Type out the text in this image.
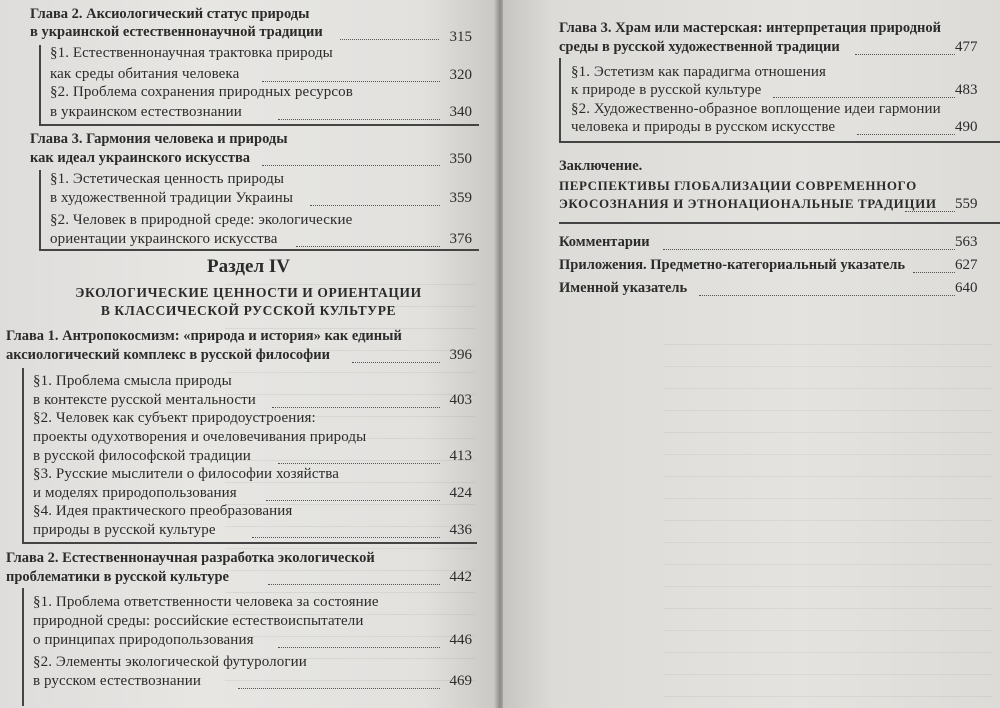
Глава 2. Аксиологический статус природы
в украинской естественнонаучной традиции	315
§1. Естественнонаучная трактовка природы
как среды обитания человека	320
§2. Проблема сохранения природных ресурсов
в украинском естествознании	340
Глава 3. Гармония человека и природы
как идеал украинского искусства	350
§1. Эстетическая ценность природы
в художественной традиции Украины	359
§2. Человек в природной среде: экологические
ориентации украинского искусства	376
Раздел IV
ЭКОЛОГИЧЕСКИЕ ЦЕННОСТИ И ОРИЕНТАЦИИ
В КЛАССИЧЕСКОЙ РУССКОЙ КУЛЬТУРЕ
Глава 1. Антропокосмизм: «природа и история» как единый
аксиологический комплекс в русской философии	396
§1. Проблема смысла природы
в контексте русской ментальности	403
§2. Человек как субъект природоустроения:
проекты одухотворения и очеловечивания природы
в русской философской традиции	413
§3. Русские мыслители о философии хозяйства
и моделях природопользования	424
§4. Идея практического преобразования
природы в русской культуре	436
Глава 2. Естественнонаучная разработка экологической
проблематики в русской культуре	442
§1. Проблема ответственности человека за состояние
природной среды: российские естествоиспытатели
о принципах природопользования	446
§2. Элементы экологической футурологии
в русском естествознании	469
Глава 3. Храм или мастерская: интерпретация природной
среды в русской художественной традиции	477
§1. Эстетизм как парадигма отношения
к природе в русской культуре	483
§2. Художественно-образное воплощение идеи гармонии
человека и природы в русском искусстве	490
Заключение.
ПЕРСПЕКТИВЫ ГЛОБАЛИЗАЦИИ СОВРЕМЕННОГО
ЭКОСОЗНАНИЯ И ЭТНОНАЦИОНАЛЬНЫЕ ТРАДИЦИИ 559
Комментарии	563
Приложения. Предметно-категориальный указатель	627
Именной указатель	640
